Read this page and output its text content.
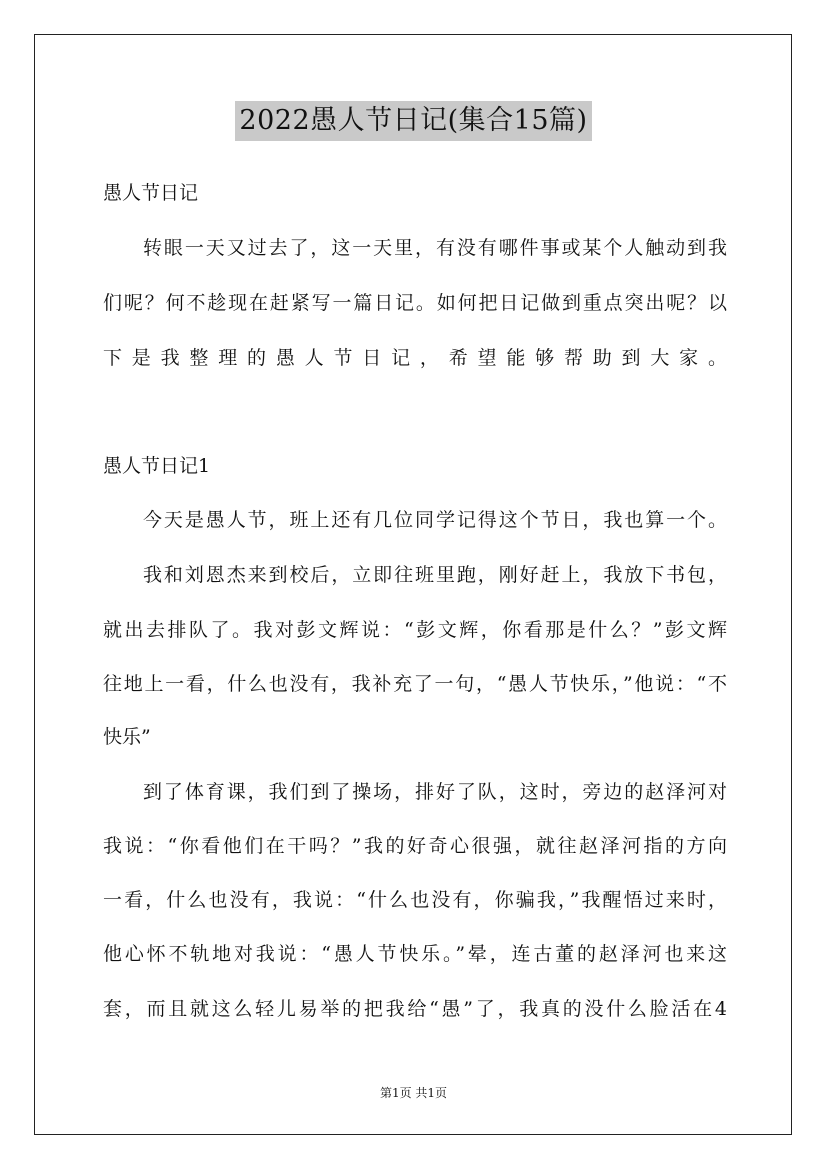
2022愚人节日记(集合15篇)
愚人节日记
转眼一天又过去了，这一天里，有没有哪件事或某个人触动到我
们呢？何不趁现在赶紧写一篇日记。如何把日记做到重点突出呢？以
下是我整理的愚人节日记，希望能够帮助到大家。
愚人节日记1
今天是愚人节，班上还有几位同学记得这个节日，我也算一个。
我和刘恩杰来到校后，立即往班里跑，刚好赶上，我放下书包，
就出去排队了。我对彭文辉说：“彭文辉，你看那是什么？”彭文辉
往地上一看，什么也没有，我补充了一句，“愚人节快乐，”他说：“不
快乐”
到了体育课，我们到了操场，排好了队，这时，旁边的赵泽河对
我说：“你看他们在干吗？”我的好奇心很强，就往赵泽河指的方向
一看，什么也没有，我说：“什么也没有，你骗我，”我醒悟过来时，
他心怀不轨地对我说：“愚人节快乐。”晕，连古董的赵泽河也来这
套，而且就这么轻儿易举的把我给“愚”了，我真的没什么脸活在4
第1页 共1页
